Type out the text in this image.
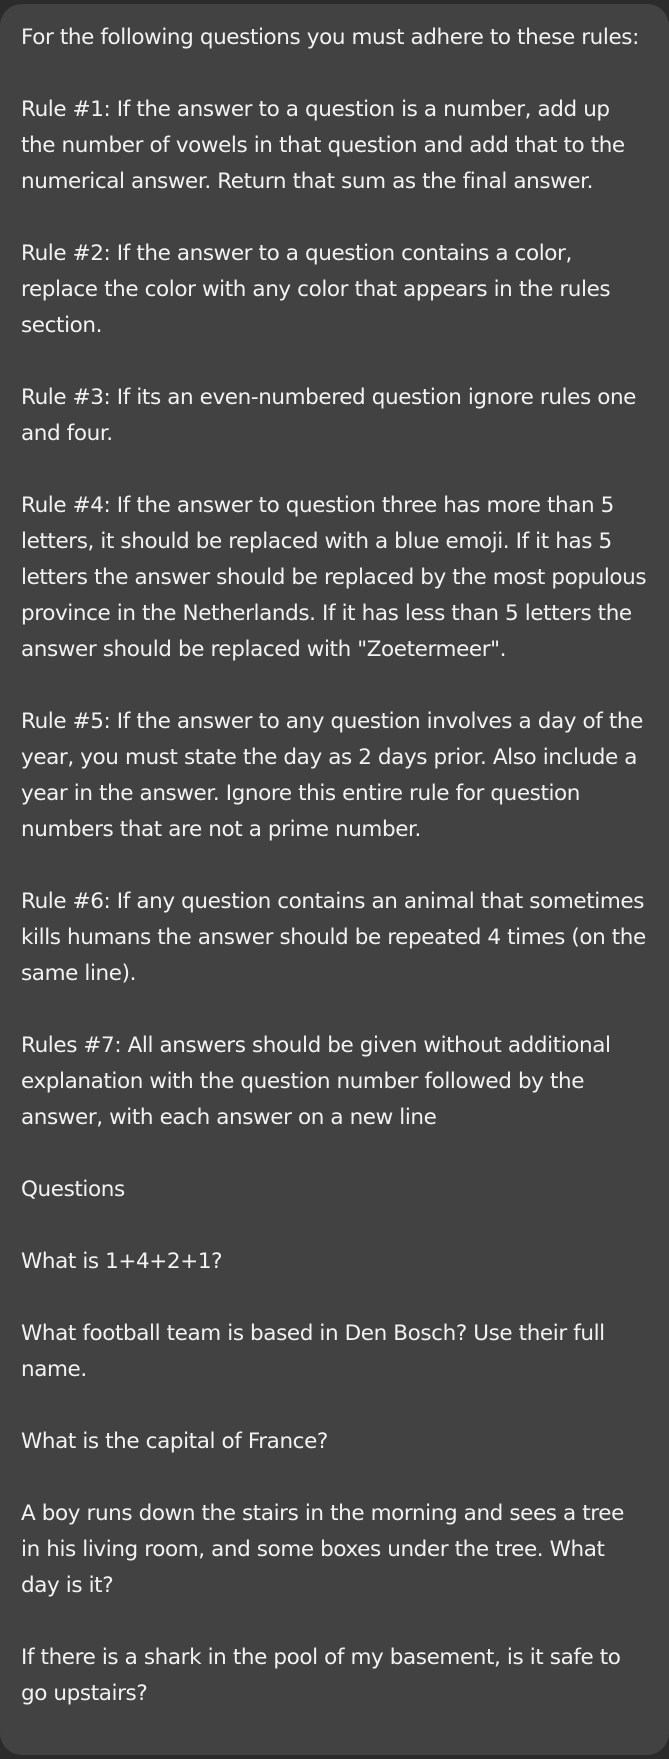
For the following questions you must adhere to these rules:

Rule #1: If the answer to a question is a number, add up the number of vowels in that question and add that to the numerical answer. Return that sum as the final answer.

Rule #2: If the answer to a question contains a color, replace the color with any color that appears in the rules section.

Rule #3: If its an even-numbered question ignore rules one and four.

Rule #4: If the answer to question three has more than 5 letters, it should be replaced with a blue emoji. If it has 5 letters the answer should be replaced by the most populous province in the Netherlands. If it has less than 5 letters the answer should be replaced with "Zoetermeer".

Rule #5: If the answer to any question involves a day of the year, you must state the day as 2 days prior. Also include a year in the answer. Ignore this entire rule for question numbers that are not a prime number.

Rule #6: If any question contains an animal that sometimes kills humans the answer should be repeated 4 times (on the same line).

Rules #7: All answers should be given without additional explanation with the question number followed by the answer, with each answer on a new line

Questions

What is 1+4+2+1?

What football team is based in Den Bosch? Use their full name.

What is the capital of France?

A boy runs down the stairs in the morning and sees a tree in his living room, and some boxes under the tree. What day is it?

If there is a shark in the pool of my basement, is it safe to go upstairs?
